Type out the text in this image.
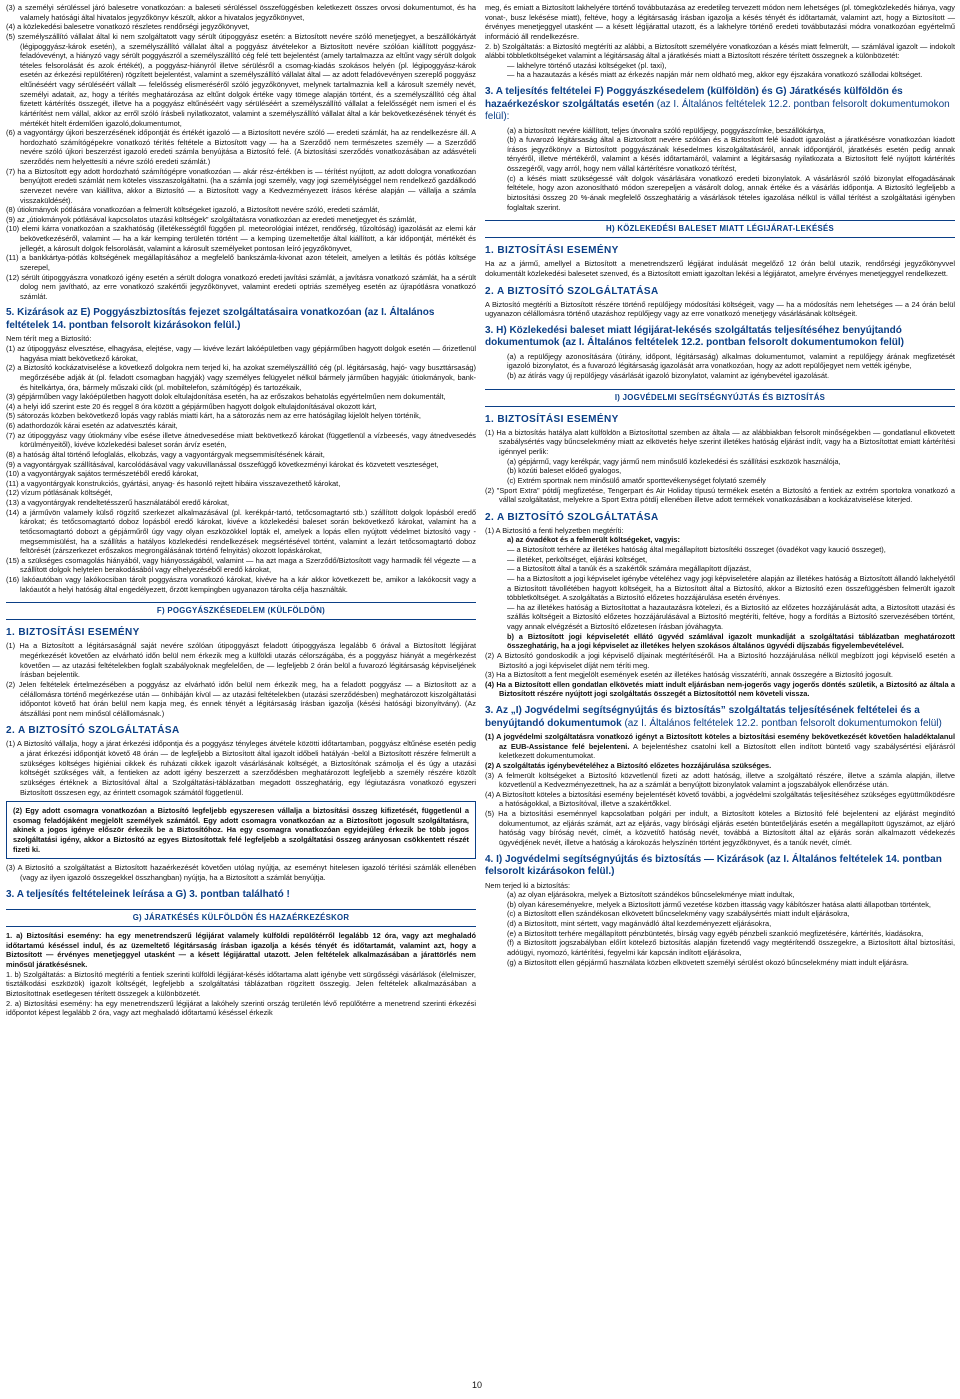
(3) a személyi sérüléssel járó balesetre vonatkozóan: a baleseti sérüléssel összefüggésben keletkezett összes orvosi dokumentumot, és ha valamely hatósági által hivatalos jegyzőkönyv készült, akkor a hivatalos jegyzőkönyvet,

(4) a közlekedési balesetre vonatkozó részletes rendőrségi jegyzőkönyvet,

(5) személyszállító vállalat által ki nem szolgáltatott vagy sérült útipoggyász esetén: a Biztosított nevére szóló menetjegyet, a beszállókártyát (légipoggyász-károk esetén), a személyszállító vállalat által a poggyász átvételekor a Biztosított nevére szólóan kiállított poggyász-feladóvevényt, a hiányzó vagy sérült poggyászról a személyszállító cég felé tett bejelentést (amely tartalmazza az eltűnt vagy sérült dolgok tételes felsorolását és azok értékét), a poggyász-hiányról illetve sérülésről a csomag-kiadás szokásos helyén (pl. légipoggyász-károk esetén az érkezési repülőtéren) rögzített bejelentést, valamint a személyszállító vállalat által — az adott feladóvevényen szereplő poggyász eltűnéséért vagy sérüléséért vállalt — felelősség elismeréséről szóló jegyzőkönyvet, melynek tartalmaznia kell a károsult személy nevét, személyi adatait, az, hogy a térítés meghatározása az eltűnt dolgok értéke vagy tömege alapján történt, és a személyszállító cég által fizetett kártérítés összegét, illetve ha a poggyász eltűnéséért vagy sérüléséért a személyszállító vállalat a felelősségét nem ismeri el és kártérítést nem vállal, akkor az erről szóló írásbeli nyilatkozatot, valamint a személyszállító vállalat által a kár bekövetkezésének tényét és mértékét hitelt érdemlően igazoló,dokumentumot,

(6) a vagyontárgy újkori beszerzésének időpontját és értékét igazoló — a Biztosított nevére szóló — eredeti számlát, ha az rendelkezésre áll. A hordozható számítógépekre vonatkozó térítés feltétele a Biztosított vagy — ha a Szerződő nem természetes személy — a Szerződő nevére szóló újkori beszerzést igazoló eredeti számla benyújtása a Biztosító felé. (A biztosítási szerződés vonatkozásában az adásvételi szerződés nem helyettesíti a névre szóló eredeti számlát.)

(7) ha a Biztosított egy adott hordozható számítógépre vonatkozóan — akár rész-értékben is — térítést nyújtott, az adott dologra vonatkozóan benyújtott eredeti számlát nem köteles visszaszolgáltatni. (ha a számla jogi személy, vagy jogi személyiséggel nem rendelkező gazdálkodó szervezet nevére van kiállítva, akkor a Biztosító — a Biztosított vagy a Kedvezményezett írásos kérése alapján — vállalja a számla visszaküldését).

(8) útiokmányok pótlására vonatkozóan a felmerült költségeket igazoló, a Biztosított nevére szóló, eredeti számlát,

(9) az „útiokmányok pótlásával kapcsolatos utazási költségek” szolgáltatásra vonatkozóan az eredeti menetjegyet és számlát,

(10) elemi kárra vonatkozóan a szakhatóság (illetékességtől függően pl. meteorológiai intézet, rendőrség, tűzoltóság) igazolását az elemi kár bekövetkezéséről, valamint — ha a kár kemping területén történt — a kemping üzemeltetője által kiállított, a kár időpontját, mértékét és jellegét, a károsult dolgok felsorolását, valamint a károsult személyeket pontosan leíró jegyzőkönyvet,

(11) a bankkártya-pótlás költségének megállapításához a megfelelő bankszámla-kivonat azon tételeit, amelyen a letiltás és pótlás költsége szerepel,

(12) sérült útipoggyászra vonatkozó igény esetén a sérült dologra vonatkozó eredeti javítási számlát, a javításra vonatkozó számlát, ha a sérült dolog nem javítható, az erre vonatkozó szakértői jegyzőkönyvet, valamint eredeti optriás személyeg esetén az újrapótlásra vonatkozó számlát.

5. Kizárások az E) Poggyászbiztosítás fejezet szolgáltatásaira vonatkozóan (az I. Általános feltételek 14. pontban felsorolt kizárásokon felül.)

Nem térít meg a Biztosító:

(1) az útipoggyász elvesztése, elhagyása, elejtése, vagy — kivéve lezárt lakóépületben vagy gépjárműben hagyott dolgok esetén — őrizetlenül hagyása miatt bekövetkező károkat,

(2) a Biztosító kockázatviselése a következő dolgokra nem terjed ki, ha azokat személyszállító cég (pl. légitársaság, hajó- vagy buszttársaság) megőrzésébe adják át (pl. feladott csomagban hagyják) vagy személyes felügyelet nélkül bármely járműben hagyják: útiokmányok, bank- és hitelkártya, óra, bármely műszaki cikk (pl. mobiltelefon, számítógép) és tartozékaik,

(3) gépjárműben vagy lakóépületben hagyott dolok eltulajdonítása esetén, ha az erőszakos behatolás egyértelműen nem dokumentált,

(4) a helyi idő szerint este 20 és reggel 8 óra között a gépjárműben hagyott dolgok eltulajdonításával okozott kárt,

(5) sátorozás közben bekövetkező lopás vagy rablás miatti kárt, ha a sátorozás nem az erre hatóságilag kijelölt helyen történik,

(6) adathordozók kárai esetén az adatvesztés kárait,

(7) az útipoggyász vagy útiokmány víbe esése illetve átnedvesedése miatt bekövetkező károkat (függetlenül a vízbeesés, vagy átnedvesedés körülményeitől), kivéve közlekedési baleset során árvíz esetén,

(8) a hatóság által történő lefoglalás, elkobzás, vagy a vagyontárgyak megsemmisítésének kárait,

(9) a vagyontárgyak szállításával, karcolódásával vagy vakuvillanással összefüggő következményi károkat és közvetett veszteséget,

(10) a vagyontárgyak sajátos természetéből eredő károkat,

(11) a vagyontárgyak konstrukciós, gyártási, anyag- és hasonló rejtett hibáira visszavezethető károkat,

(12) vízum pótlásának költségét,

(13) a vagyontárgyak rendeltetésszerű használatából eredő károkat,

(14) a járművön valamely külső rögzítő szerkezet alkalmazásával (pl. kerékpár-tartó, tetőcsomagtartó stb.) szállított dolgok lopásból eredő károkat; és tetőcsomagtartó doboz lopásból eredő károkat, kivéve a közlekedési baleset során bekövetkező károkat, valamint ha a tetőcsomagtartó dobozt a gépjárműről úgy vagy olyan eszközökkel lopták el, amelyek a lopás ellen nyújtott védelmet biztosító vagy -megsemmisülést, ha a szállítás a hatályos közlekedési rendelkezések megsértésével történt, valamint a lezárt tetőcsomagtartó doboz feltörését (zárszerkezet erőszakos megrongálásának történő felnyitás) okozott lopáskárokat,

(15) a szükséges csomagolás hiányából, vagy hiányosságából, valamint — ha azt maga a Szerződő/Biztosított vagy harmadik fél végezte — a szállított dolgok helytelen berakodásából vagy elhelyezéséből eredő károkat,

(16) lakóautóban vagy lakókocsiban tárolt poggyászra vonatkozó károkat, kivéve ha a kár akkor következett be, amikor a lakókocsit vagy a lakóautót a helyi hatóság által engedélyezett, őrzött kempingben ugyanazon tárolta célja használták.

F) POGGYÁSZKÉSEDELEM (KÜLFÖLDÖN)
1. BIZTOSÍTÁSI ESEMÉNY

(1) Ha a Biztosított a légitársaságnál saját nevére szólóan útipoggyászt feladott útipoggyásza legalább 6 órával a Biztosított légijárat megérkezését követően az elvárható időn belül nem érkezik meg a külföldi utazás célországába, és a poggyász hiányát a megérkezést követően — az utazási feltételekben foglalt szabályoknak megfelelően, de — legfeljebb 2 órán belül a fuvarozó légitársaság képviseljének írásban bejelentik.

(2) Jelen feltételek értelmezésében a poggyász az elvárható időn belül nem érkezik meg, ha a feladott poggyász — a Biztosított az a célállomásra történő megérkezése után — önhibáján kívül — az utazási feltételekben (utazási szerződésben) meghatározott kiszolgáltatási időpontot követő hat órán belül nem kapja meg, és ennek tényét a légitársaság írásban igazolja (késési hatósági bizonyítvány). (Az átszállási pont nem minősül célállomásnak.)

2. A BIZTOSÍTÓ SZOLGÁLTATÁSA

(1) A Biztosító vállalja, hogy a járat érkezési időpontja és a poggyász tényleges átvétele közötti időtartamban, poggyász eltűnése esetén pedig a járat érkezési időpontját követő 48 órán — de legfeljebb a Biztosított által igazolt időbeli hatályán -belül a Biztosított részére felmerült a szükséges költséges higiéniai cikkek és ruházati cikkek igazolt vásárlásának költségét, a Biztosítónak számolja el és úgy a utazási költségét szükséges vált, a fentieken az adott igény beszerzett a szerződésben meghatározott legfeljebb a személy részére közölt szükséges értéknek a Biztosítóval által a Szolgáltatási-táblázatban megadott összeghatárig, egy légiutazásra vonatkozó egyszeri Biztosított összesen egy, az érintett csomagok számától függetlenül.

(2) Egy adott csomagra vonatkozóan a Biztosító legfeljebb egyszeresen vállalja a biztosítási összeg kifizetését, függetlenül a csomag feladójáként megjelölt személyek számától. Egy adott csomagra vonatkozóan az a Biztosított jogosult szolgáltatásra, akinek a jogos igénye először érkezik be a Biztosítóhoz. Ha egy csomagra vonatkozóan egyidejűleg érkezik be több jogos szolgáltatási igény, akkor a Biztosító az egyes Biztosítottak felé legfeljebb a szolgáltatási összeg arányosan csökkentett részét fizeti ki.

(3) A Biztosító a szolgáltatást a Biztosított hazaérkezését követően utólag nyújtja, az eseményt hitelesen igazoló térítési számlák ellenében (vagy az ilyen igazoló összegekkel összhangban) nyújtja, ha a Biztosított a számlát benyújtja.

3. A teljesítés feltételeinek leírása a G) 3. pontban található !
G) JÁRATKÉSÉS KÜLFÖLDÖN ÉS HAZAÉRKEZÉSKOR

1. a) Biztosítási esemény: ha egy menetrendszerű légijárat valamely külföldi repülőtérről legalább 12 óra, vagy azt meghaladó időtartamú késéssel indul, és az üzemeltető légitársaság írásban igazolja a késés tényét és időtartamát, valamint azt, hogy a Biztosított — érvényes menetjeggyel utasként — a késett légijárattal utazott. Jelen feltételek alkalmazásában a járattörlés nem minősül járatkésésnek.

1. b) Szolgáltatás: a Biztosító megtéríti a fentiek szerinti külföldi légijárat-késés időtartama alatt igénybe vett sürgősségi vásárlások (élelmiszer, tisztálkodási eszközök) igazolt költségét, legfeljebb a szolgáltatási táblázatban rögzített összegig. Jelen feltételek alkalmazásában a Biztosítottnak esetlegesen térített összegek a különbözetét.

2. a) Biztosítási esemény: ha egy menetrendszerű légijárat a lakóhely szerinti ország területén lévő repülőtérre a menetrend szerinti érkezési időpontot képest legalább 2 óra, vagy azt meghaladó időtartamú késéssel érkezik

meg, és emiatt a Biztosított lakhelyére történő továbbutazása az eredetileg tervezett módon nem lehetséges (pl. tömegközlekedés hiánya, vagy vonat-, busz lekésése miatt), feltéve, hogy a légitársaság írásban igazolja a késés tényét és időtartamát, valamint azt, hogy a Biztosított — érvényes menetjeggyel utasként — a késett légijárattal utazott, és a lakhelyre történő eredeti továbbutazási módra vonatkozóan egyértelmű információ áll rendelkezésre.

2. b) Szolgáltatás: a Biztosító megtéríti az alábbi, a Biztosított személyére vonatkozóan a késés miatt felmerült, — számlával igazolt — indokolt alábbi többletköltségeket valamint a légitársaság által a járatkésés miatt a Biztosított részére térített összegnek a különbözetét:

— lakhelyre történő utazási költségeket (pl. taxi),

— ha a hazautazás a késés miatt az érkezés napján már nem oldható meg, akkor egy éjszakára vonatkozó szállodai költséget.

3. A teljesítés feltételei F) Poggyászkésedelem (külföldön) és G) Járatkésés külföldön és hazaérkezéskor szolgáltatás esetén (az I. Általános feltételek 12.2. pontban felsorolt dokumentumokon felül):

(a) a biztosított nevére kiállított, teljes útvonalra szóló repülőjegy, poggyászcímke, beszállókártya,

(b) a fuvarozó légitársaság által a Biztosított nevére szólóan és a Biztosított felé kiadott igazolást a járatkésésre vonatkozóan kiadott írásos jegyzőkönyv a Biztosított poggyászának késedelmes kiszolgáltatásáról, annak időpontjáról, járatkésés esetén pedig annak tényéről, illetve mértékéről, valamint a késés időtartamáról, valamint a légitársaság nyilatkozata a Biztosított felé nyújtott kártérítés összegéről, vagy arról, hogy nem vállal kártérítésre vonatkozó térítést,

(c) a késés miatt szükségessé vált dolgok vásárlására vonatkozó eredeti bizonylatok. A vásárlásról szóló bizonylat elfogadásának feltétele, hogy azon azonosítható módon szerepeljen a vásárolt dolog, annak értéke és a vásárlás időpontja. A Biztosító legfeljebb a biztosítási összeg 20 %-ának megfelelő összeghatárig a vásárlások tételes igazolása nélkül is vállal térítést a szolgáltatási igényben foglaltak szerint.

H) KÖZLEKEDÉSI BALESET MIATT LÉGIJÁRAT-LEKÉSÉS
1. BIZTOSÍTÁSI ESEMÉNY

Ha az a jármű, amellyel a Biztosított a menetrendszerű légijárat indulását megelőző 12 órán belül utazik, rendőrségi jegyzőkönyvvel dokumentált közlekedési balesetet szenved, és a Biztosított emiatt igazoltan lekési a légijáratot, amelyre érvényes menetjeggyel rendelkezett.

2. A BIZTOSÍTÓ SZOLGÁLTATÁSA

A Biztosító megtéríti a Biztosított részére történő repülőjegy módosítási költségeit, vagy — ha a módosítás nem lehetséges — a 24 órán belül ugyanazon célállomásra történő utazáshoz repülőjegy vagy az erre vonatkozó menetjegy vásárlásának költségeit.

3. H) Közlekedési baleset miatt légijárat-lekésés szolgáltatás teljesítéséhez benyújtandó dokumentumok (az I. Általános feltételek 12.2. pontban felsorolt dokumentumokon felül)

(a) a repülőjegy azonosítására (útirány, időpont, légitársaság) alkalmas dokumentumot, valamint a repülőjegy árának megfizetését igazoló bizonylatot, és a fuvarozó légitársaság igazolását arra vonatkozóan, hogy az adott repülőjegyet nem vették igénybe,

(b) az átírás vagy új repülőjegy vásárlását igazoló bizonylatot, valamint az igénybevétel igazolását.

I) JOGVÉDELMI SEGÍTSÉGNYÚJTÁS ÉS BIZTOSÍTÁS
1. BIZTOSÍTÁSI ESEMÉNY

(1) Ha a biztosítás hatálya alatt külföldön a Biztosítottal szemben az általa — az alábbiakban felsorolt minőségekben — gondatlanul elkövetett szabálysértés vagy bűncselekmény miatt az elkövetés helye szerint illetékes hatóság eljárást indít, vagy ha a Biztosítottat emiatt kártérítési igénnyel perlik:

(a) gépjármű, vagy kerékpár, vagy jármű nem minősülő közlekedési és szállítási eszközök használója,

(b) közúti baleset elődeő gyalogos,

(c) Extrém sportnak nem minősülő amatőr sporttevékenységet folytató személy

(2) "Sport Extra" pótdíj megfizetése, Tengerpart és Air Holiday típusú termékek esetén a Biztosító a fentiek az extrém sportokra vonatkozó a vállal szolgáltatást, melyekre a Sport Extra pótdíj ellenében illetve adott termékek vonatkozásában a kockázatviselése kiterjed.

2. A BIZTOSÍTÓ SZOLGÁLTATÁSA

(1) A Biztosító a fenti helyzetben megtéríti:

a) az óvadékot és a felmerült költségeket, vagyis:

— a Biztosított terhére az illetékes hatóság által megállapított biztosítéki összeget (óvadékot vagy kaució összeget),

— illetéket, perköltséget, eljárási költséget,

— a Biztosított által a tanúk és a szakértők számára megállapított díjazást,

— ha a Biztosított a jogi képviselet igénybe vételéhez vagy jogi képviseletére alapján az illetékes hatóság a Biztosított állandó lakhelyétől a Biztosított távollétében hagyott költségeit, ha a Biztosított által a Biztosító, akkor a Biztosító ezen összefüggésben felmerült igazolt többletköltséget. A szolgáltatás a Biztosító előzetes hozzájárulása esetén érvényes.

— ha az illetékes hatóság a Biztosítottat a hazautazásra kötelezi, és a Biztosító az előzetes hozzájárulását adta, a Biztosított utazási és szállás költségeit a Biztosító előzetes hozzájárulásával a Biztosító megtéríti, feltéve, hogy a fordítás a Biztosító szervezésében történt, vagy annak elvégzését a Biztosító előzetesen írásban jóváhagyta.

b) a Biztosított jogi képviseletét ellátó ügyvéd számlával igazolt munkadíját a szolgáltatási táblázatban meghatározott összeghatárig, ha a jogi képviselet az illetékes helyen szokásos általános ügyvédi díjszabás figyelembevételével.

(2) A Biztosító gondoskodik a jogi képviselő díjainak megtérítéséről. Ha a Biztosító hozzájárulása nélkül megbízott jogi képviselő esetén a Biztosító a jogi képviselet díját nem téríti meg.

(3) Ha a Biztosított a fent megjelölt események esetén az illetékes hatóság visszatéríti, annak összegére a Biztosító jogosult.

(4) Ha a Biztosított ellen gondatlan elkövetés miatt indult eljárásban nem-jogerős vagy jogerős döntés születik, a Biztosító az általa a Biztosított részére nyújtott jogi szolgáltatás összegét a Biztosítottól nem követeli vissza.

3. Az „I) Jogvédelmi segítségnyújtás és biztosítás” szolgáltatás teljesítésének feltételei és a benyújtandó dokumentumok (az I. Általános feltételek 12.2. pontban felsorolt dokumentumokon felül)

(1) A jogvédelmi szolgáltatásra vonatkozó igényt a Biztosított köteles a biztosítási esemény bekövetkezését követően haladéktalanul az EUB-Assistance felé bejelenteni. A bejelentéshez csatolni kell a Biztosított ellen indított büntető vagy szabálysértési eljárásról keletkezett dokumentumokat.

(2) A szolgáltatás igénybevételéhez a Biztosító előzetes hozzájárulása szükséges.

(3) A felmerült költségeket a Biztosító közvetlenül fizeti az adott hatóság, illetve a szolgáltató részére, illetve a számla alapján, illetve közvetlenül a Kedvezményezettnek, ha az a számlát a benyújtott bizonylatok valamint a jogszabályok ellenőrzése után.

(4) A Biztosított köteles a biztosítási esemény bejelentését követő további, a jogvédelmi szolgáltatás teljesítéséhez szükséges együttműködésre a hatóságokkal, a Biztosítóval, illetve a szakértőkkel.

(5) Ha a biztosítási eseménnyel kapcsolatban polgári per indult, a Biztosított köteles a Biztosító felé bejelenteni az eljárást megindító dokumentumot, az eljárás számát, azt az eljárás, vagy bírósági eljárás esetén büntetőeljárás esetén a megállapított ügyszámot, az eljáró hatóság vagy bíróság nevét, címét, a közvetítő hatóság nevét, továbbá a Biztosított által az eljárás során alkalmazott védekezés ügyvédjének nevét, illetve a hatóság a károkozás helyszínén történt jegyzőkönyvet, és a tanúk nevét, címét.

4. I) Jogvédelmi segítségnyújtás és biztosítás — Kizárások (az I. Általános feltételek 14. pontban felsorolt kizárásokon felül.)

Nem terjed ki a biztosítás:

(a) az olyan eljárásokra, melyek a Biztosított szándékos bűncselekménye miatt indultak,

(b) olyan káreseményekre, melyek a Biztosított jármű vezetése közben ittasság vagy kábítószer hatása alatti állapotban történtek,

(c) a Biztosított ellen szándékosan elkövetett bűncselekmény vagy szabálysértés miatt indult eljárásokra,

(d) a Biztosított, mint sértett, vagy magánvádló által kezdeményezett eljárásokra,

(e) a Biztosított terhére megállapított pénzbüntetés, bírság vagy egyéb pénzbeli szankció megfizetésére, kártérítés, kiadásokra,

(f) a Biztosított jogszabályban előírt kötelező biztosítás alapján fizetendő vagy megtérítendő összegekre, a Biztosított által biztosítási, adóügyi, nyomozó, kártérítési, fegyelmi kár kapcsán indított eljárásokra,

(g) a Biztosított ellen gépjármű használata közben elkövetett személyi sérülést okozó bűncselekmény miatt indult eljárásra.

10
